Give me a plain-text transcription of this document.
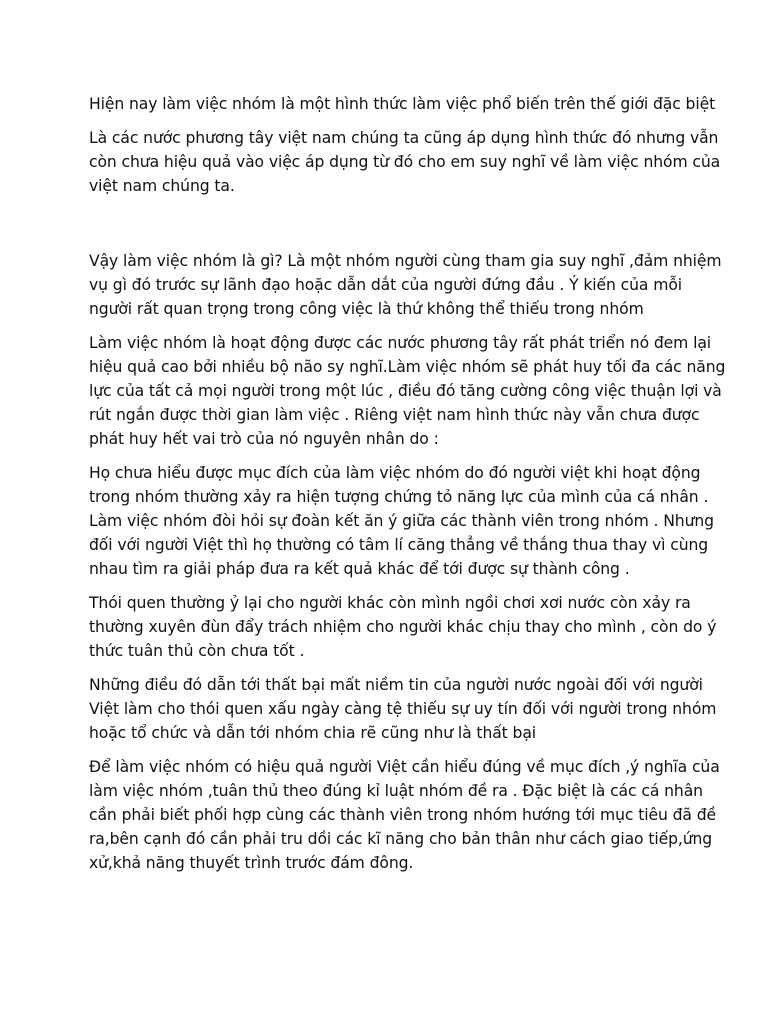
Hiện nay làm việc nhóm là một hình thức làm việc phổ biến trên thế giới đặc biệt

Là các nước phương tây việt nam chúng ta cũng áp dụng hình thức đó nhưng vẫn
còn chưa hiệu quả vào việc áp dụng từ đó cho em suy nghĩ về làm việc nhóm của
việt nam chúng ta.

Vậy làm việc nhóm là gì? Là một nhóm người cùng tham gia suy nghĩ ,đảm nhiệm
vụ gì đó trước sự lãnh đạo hoặc dẫn dắt của người đứng đầu . Ý kiến của mỗi
người rất quan trọng trong công việc là thứ không thể thiếu trong nhóm

Làm việc nhóm là hoạt động được các nước phương tây rất phát triển nó đem lại
hiệu quả cao bởi nhiều bộ não sy nghĩ.Làm việc nhóm sẽ phát huy tối đa các năng
lực của tất cả mọi người trong một lúc , điều đó tăng cường công việc thuận lợi và
rút ngắn được thời gian làm việc . Riêng việt nam hình thức này vẫn chưa được
phát huy hết vai trò của nó nguyên nhân do :

Họ chưa hiểu được mục đích của làm việc nhóm do đó người việt khi hoạt động
trong nhóm thường xảy ra hiện tượng chứng tỏ năng lực của mình của cá nhân .
Làm việc nhóm đòi hỏi sự đoàn kết ăn ý giữa các thành viên trong nhóm . Nhưng
đối với người Việt thì họ thường có tâm lí căng thẳng về thắng thua thay vì cùng
nhau tìm ra giải pháp đưa ra kết quả khác để tới được sự thành công .

Thói quen thường ỷ lại cho người khác còn mình ngồi chơi xơi nước còn xảy ra
thường xuyên đùn đẩy trách nhiệm cho người khác chịu thay cho mình , còn do ý
thức tuân thủ còn chưa tốt .

Những điều đó dẫn tới thất bại mất niềm tin của người nước ngoài đối với người
Việt làm cho thói quen xấu ngày càng tệ thiếu sự uy tín đối với người trong nhóm
hoặc tổ chức và dẫn tới nhóm chia rẽ cũng như là thất bại

Để làm việc nhóm có hiệu quả người Việt cần hiểu đúng về mục đích ,ý nghĩa của
làm việc nhóm ,tuân thủ theo đúng kỉ luật nhóm đề ra . Đặc biệt là các cá nhân
cần phải biết phối hợp cùng các thành viên trong nhóm hướng tới mục tiêu đã đề
ra,bên cạnh đó cần phải tru dồi các kĩ năng cho bản thân như cách giao tiếp,ứng
xử,khả năng thuyết trình trước đám đông.
